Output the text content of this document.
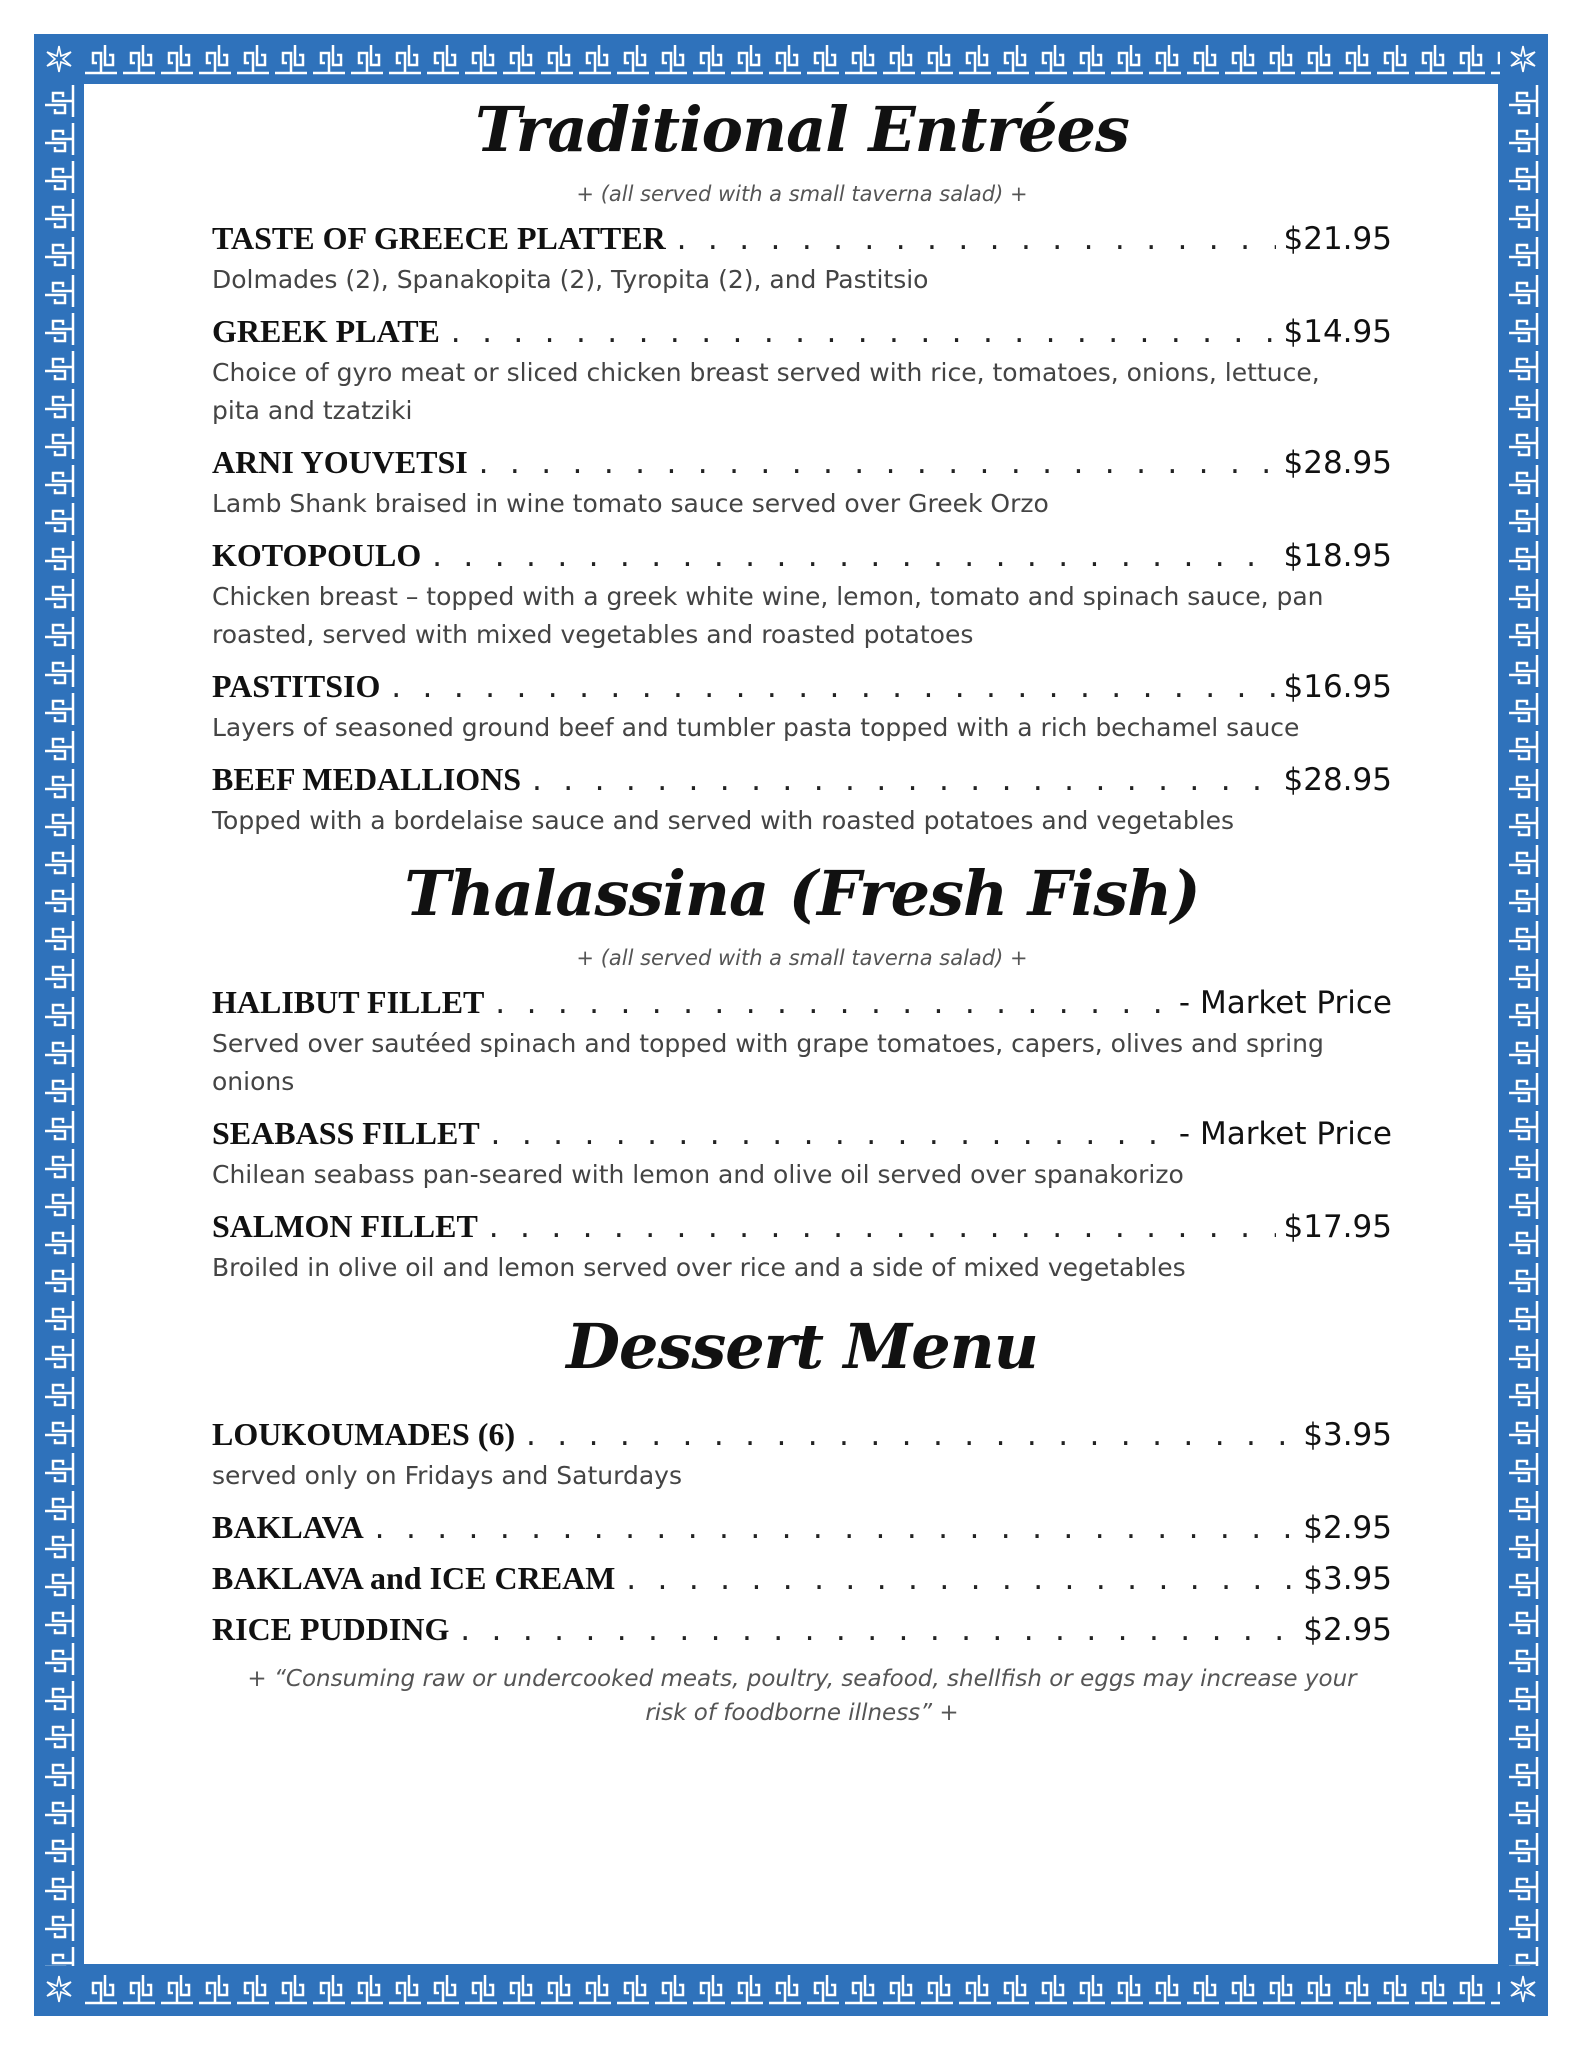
Traditional Entrées
+ (all served with a small taverna salad) +
TASTE OF GREECE PLATTER . . .	$21.95
Dolmades (2), Spanakopita (2), Tyropita (2), and Pastitsio
GREEK PLATE . . .	$14.95
Choice of gyro meat or sliced chicken breast served with rice, tomatoes, onions, lettuce, pita and tzatziki
ARNI YOUVETSI . . .	$28.95
Lamb Shank braised in wine tomato sauce served over Greek Orzo
KOTOPOULO . . .	$18.95
Chicken breast – topped with a greek white wine, lemon, tomato and spinach sauce, pan roasted, served with mixed vegetables and roasted potatoes
PASTITSIO . . .	$16.95
Layers of seasoned ground beef and tumbler pasta topped with a rich bechamel sauce
BEEF MEDALLIONS . . .	$28.95
Topped with a bordelaise sauce and served with roasted potatoes and vegetables
Thalassina (Fresh Fish)
+ (all served with a small taverna salad) +
HALIBUT FILLET . . .	- Market Price
Served over sautéed spinach and topped with grape tomatoes, capers, olives and spring onions
SEABASS FILLET . . .	- Market Price
Chilean seabass pan-seared with lemon and olive oil served over spanakorizo
SALMON FILLET . . .	$17.95
Broiled in olive oil and lemon served over rice and a side of mixed vegetables
Dessert Menu
LOUKOUMADES (6) . . .	$3.95
served only on Fridays and Saturdays
BAKLAVA . . .	$2.95
BAKLAVA and ICE CREAM . . .	$3.95
RICE PUDDING . . .	$2.95
+ “Consuming raw or undercooked meats, poultry, seafood, shellfish or eggs may increase your risk of foodborne illness” +
